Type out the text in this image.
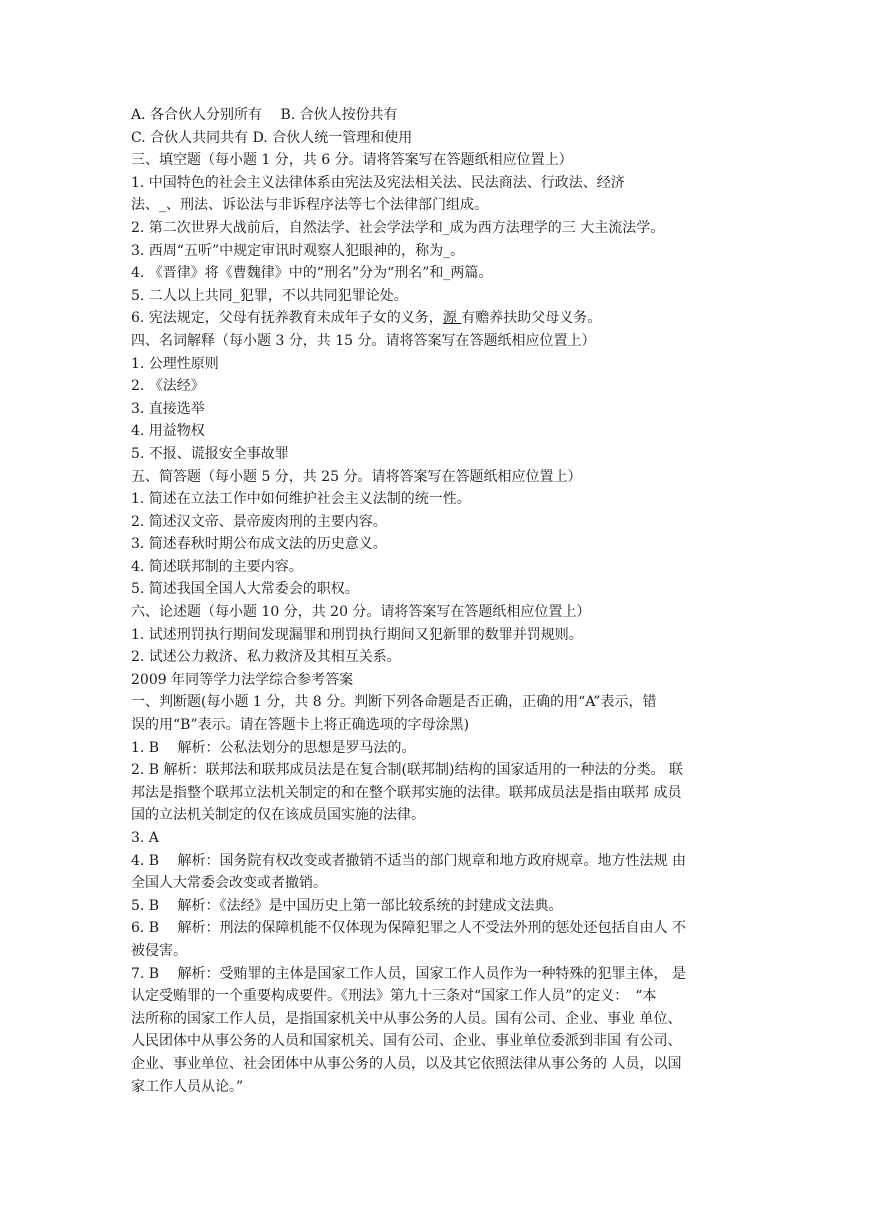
A. 各合伙人分别所有　 B. 合伙人按份共有
C. 合伙人共同共有 D. 合伙人统一管理和使用
三、填空题（每小题 1 分，共 6 分。请将答案写在答题纸相应位置上）
1. 中国特色的社会主义法律体系由宪法及宪法相关法、民法商法、行政法、经济
法、_、刑法、诉讼法与非诉程序法等七个法律部门组成。
2. 第二次世界大战前后，自然法学、社会学法学和_成为西方法理学的三 大主流法学。
3. 西周“五听”中规定审讯时观察人犯眼神的，称为_。
4. 《晋律》将《曹魏律》中的“刑名”分为“刑名”和_两篇。
5. 二人以上共同_犯罪，不以共同犯罪论处。
6. 宪法规定，父母有抚养教育未成年子女的义务，源 有赡养扶助父母义务。
四、名词解释（每小题 3 分，共 15 分。请将答案写在答题纸相应位置上）
1. 公理性原则
2. 《法经》
3. 直接选举
4. 用益物权
5. 不报、谎报安全事故罪
五、简答题（每小题 5 分，共 25 分。请将答案写在答题纸相应位置上）
1. 简述在立法工作中如何维护社会主义法制的统一性。
2. 简述汉文帝、景帝废肉刑的主要内容。
3. 简述春秋时期公布成文法的历史意义。
4. 简述联邦制的主要内容。
5. 简述我国全国人大常委会的职权。
六、论述题（每小题 10 分，共 20 分。请将答案写在答题纸相应位置上）
1. 试述刑罚执行期间发现漏罪和刑罚执行期间又犯新罪的数罪并罚规则。
2. 试述公力救济、私力救济及其相互关系。
2009 年同等学力法学综合参考答案
一、判断题(每小题 1 分，共 8 分。判断下列各命题是否正确，正确的用“A”表示，错
误的用“B”表示。请在答题卡上将正确选项的字母涂黑)
1. B　 解析：公私法划分的思想是罗马法的。
2. B 解析：联邦法和联邦成员法是在复合制(联邦制)结构的国家适用的一种法的分类。 联
邦法是指整个联邦立法机关制定的和在整个联邦实施的法律。联邦成员法是指由联邦 成员
国的立法机关制定的仅在该成员国实施的法律。
3. A
4. B　 解析：国务院有权改变或者撤销不适当的部门规章和地方政府规章。地方性法规 由
全国人大常委会改变或者撤销。
5. B　 解析：《法经》是中国历史上第一部比较系统的封建成文法典。
6. B　 解析：刑法的保障机能不仅体现为保障犯罪之人不受法外刑的惩处还包括自由人 不
被侵害。
7. B　 解析：受贿罪的主体是国家工作人员，国家工作人员作为一种特殊的犯罪主体， 是
认定受贿罪的一个重要构成要件。《刑法》第九十三条对“国家工作人员”的定义：　“本
法所称的国家工作人员，是指国家机关中从事公务的人员。国有公司、企业、事业 单位、
人民团体中从事公务的人员和国家机关、国有公司、企业、事业单位委派到非国 有公司、
企业、事业单位、社会团体中从事公务的人员，以及其它依照法律从事公务的 人员，以国
家工作人员从论。”
